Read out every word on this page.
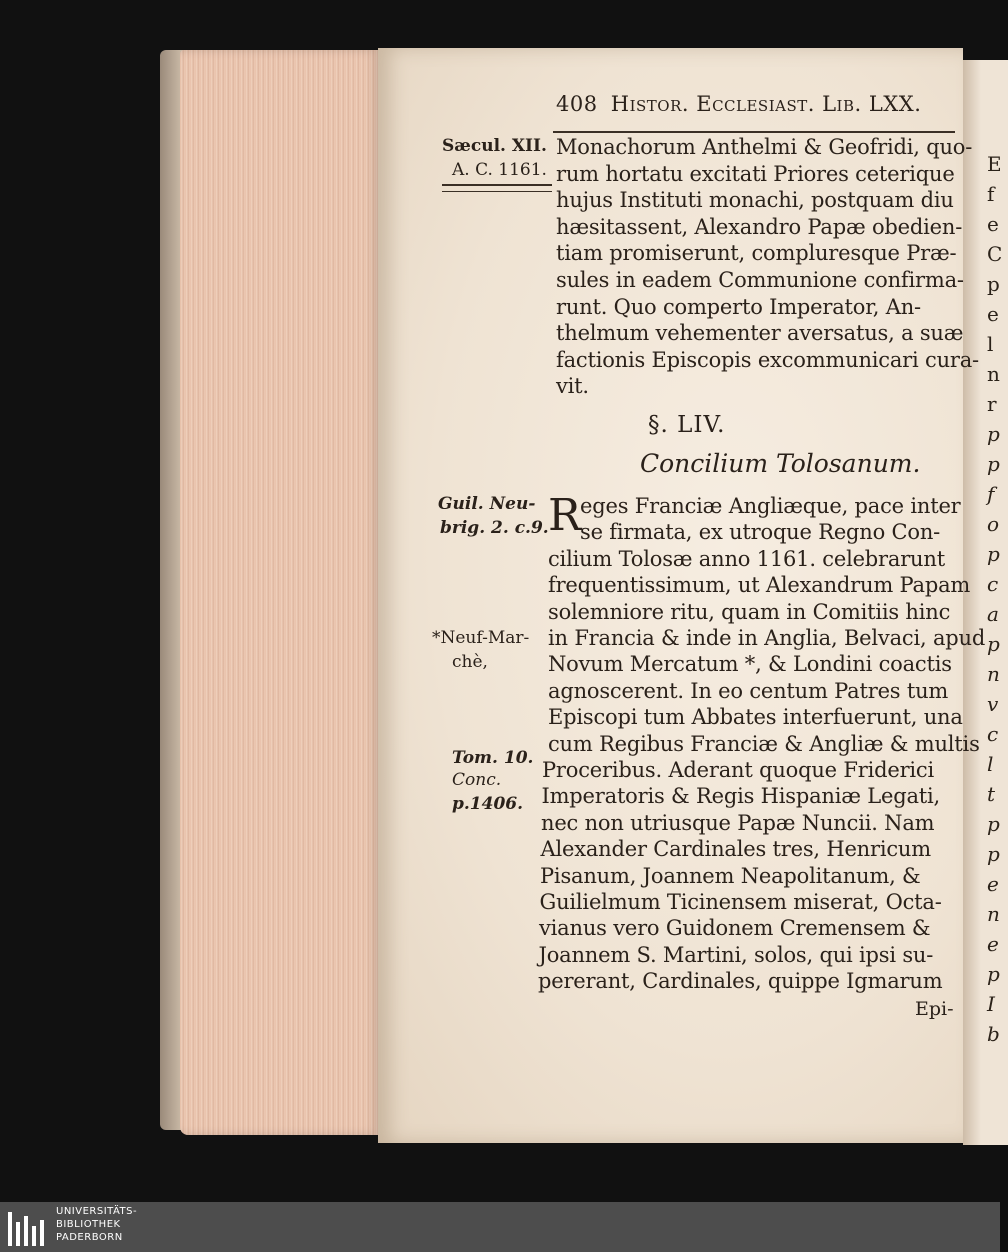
E
f
e
C
p
e
l
n
r
p
p
f
o
p
c
a
p
n
v
c
l
t
p
p
e
n
e
p
I
b
408 Histor. Ecclesiast. Lib. LXX.
Sæcul. XII.
A. C. 1161.
Monachorum Anthelmi & Geofridi, quo-
rum hortatu excitati Priores ceterique
hujus Instituti monachi, postquam diu
hæsitassent, Alexandro Papæ obedien-
tiam promiserunt, compluresque Præ-
sules in eadem Communione confirma-
runt. Quo comperto Imperator, An-
thelmum vehementer aversatus, a suæ
factionis Episcopis excommunicari cura-
vit.
§. LIV.
Concilium Tolosanum.
R
eges Franciæ Angliæque, pace inter
se firmata, ex utroque Regno Con-
cilium Tolosæ anno 1161. celebrarunt
frequentissimum, ut Alexandrum Papam
solemniore ritu, quam in Comitiis hinc
in Francia & inde in Anglia, Belvaci, apud
Novum Mercatum *, & Londini coactis
agnoscerent. In eo centum Patres tum
Episcopi tum Abbates interfuerunt, una
cum Regibus Franciæ & Angliæ & multis
Proceribus. Aderant quoque Friderici
Imperatoris & Regis Hispaniæ Legati,
nec non utriusque Papæ Nuncii. Nam
Alexander Cardinales tres, Henricum
Pisanum, Joannem Neapolitanum, &
Guilielmum Ticinensem miserat, Octa-
vianus vero Guidonem Cremensem &
Joannem S. Martini, solos, qui ipsi su-
pererant, Cardinales, quippe Igmarum
Guil. Neu-
brig. 2. c.9.
*Neuf-Mar-
chè,
Tom. 10.
Conc.
p.1406.
Epi-
UNIVERSITÄTS-
BIBLIOTHEK
PADERBORN
